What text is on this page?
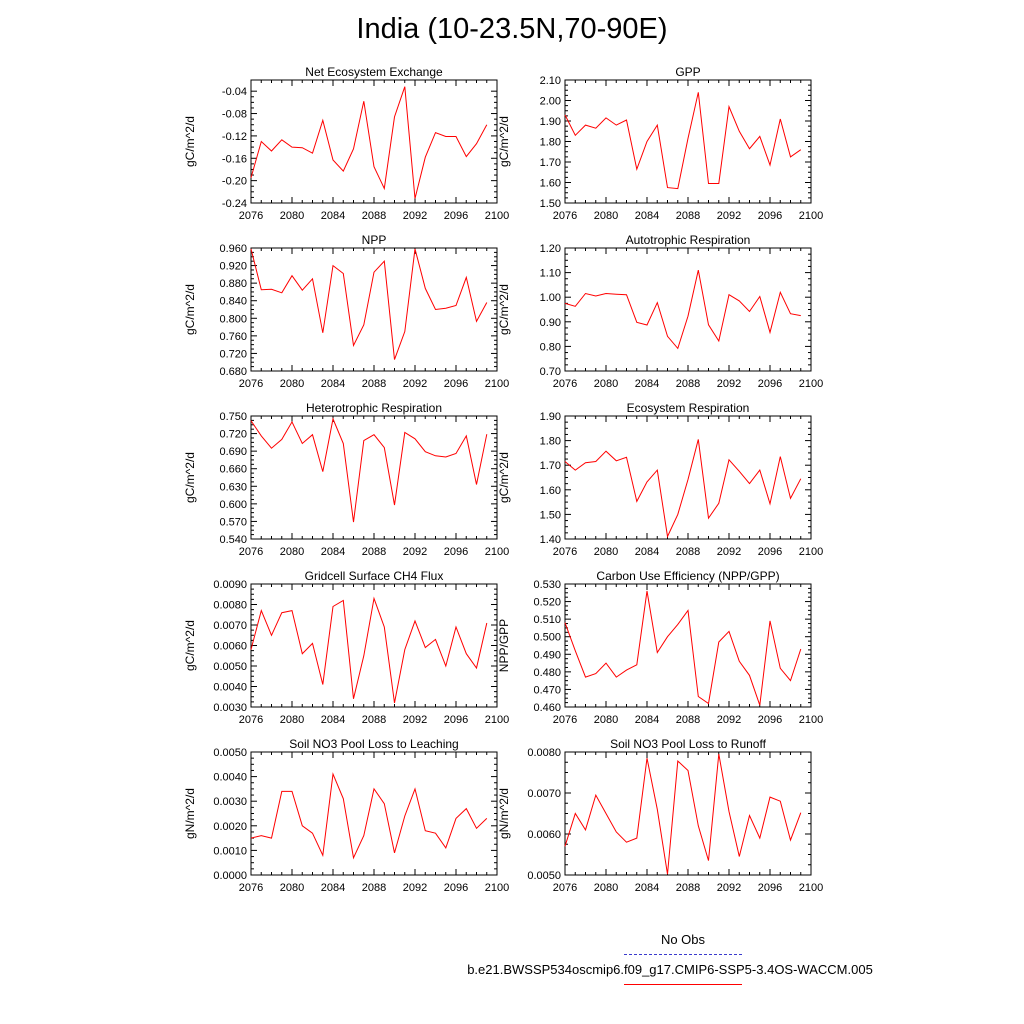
India (10-23.5N,70-90E)
Net Ecosystem Exchange
gC/m^2/d
2076 2080 2084 2088 2092 2096 2100
-0.04
-0.08
-0.12
-0.16
-0.20
-0.24
GPP
gC/m^2/d
2076 2080 2084 2088 2092 2096 2100
2.10
2.00
1.90
1.80
1.70
1.60
1.50
NPP
gC/m^2/d
2076 2080 2084 2088 2092 2096 2100
0.960
0.920
0.880
0.840
0.800
0.760
0.720
0.680
Autotrophic Respiration
gC/m^2/d
2076 2080 2084 2088 2092 2096 2100
1.20
1.10
1.00
0.90
0.80
0.70
Heterotrophic Respiration
gC/m^2/d
2076 2080 2084 2088 2092 2096 2100
0.750
0.720
0.690
0.660
0.630
0.600
0.570
0.540
Ecosystem Respiration
gC/m^2/d
2076 2080 2084 2088 2092 2096 2100
1.90
1.80
1.70
1.60
1.50
1.40
Gridcell Surface CH4 Flux
gC/m^2/d
2076 2080 2084 2088 2092 2096 2100
0.0090
0.0080
0.0070
0.0060
0.0050
0.0040
0.0030
Carbon Use Efficiency (NPP/GPP)
NPP/GPP
2076 2080 2084 2088 2092 2096 2100
0.530
0.520
0.510
0.500
0.490
0.480
0.470
0.460
Soil NO3 Pool Loss to Leaching
gN/m^2/d
2076 2080 2084 2088 2092 2096 2100
0.0050
0.0040
0.0030
0.0020
0.0010
0.0000
Soil NO3 Pool Loss to Runoff
gN/m^2/d
2076 2080 2084 2088 2092 2096 2100
0.0080
0.0070
0.0060
0.0050
No Obs
b.e21.BWSSP534oscmip6.f09_g17.CMIP6-SSP5-3.4OS-WACCM.005
